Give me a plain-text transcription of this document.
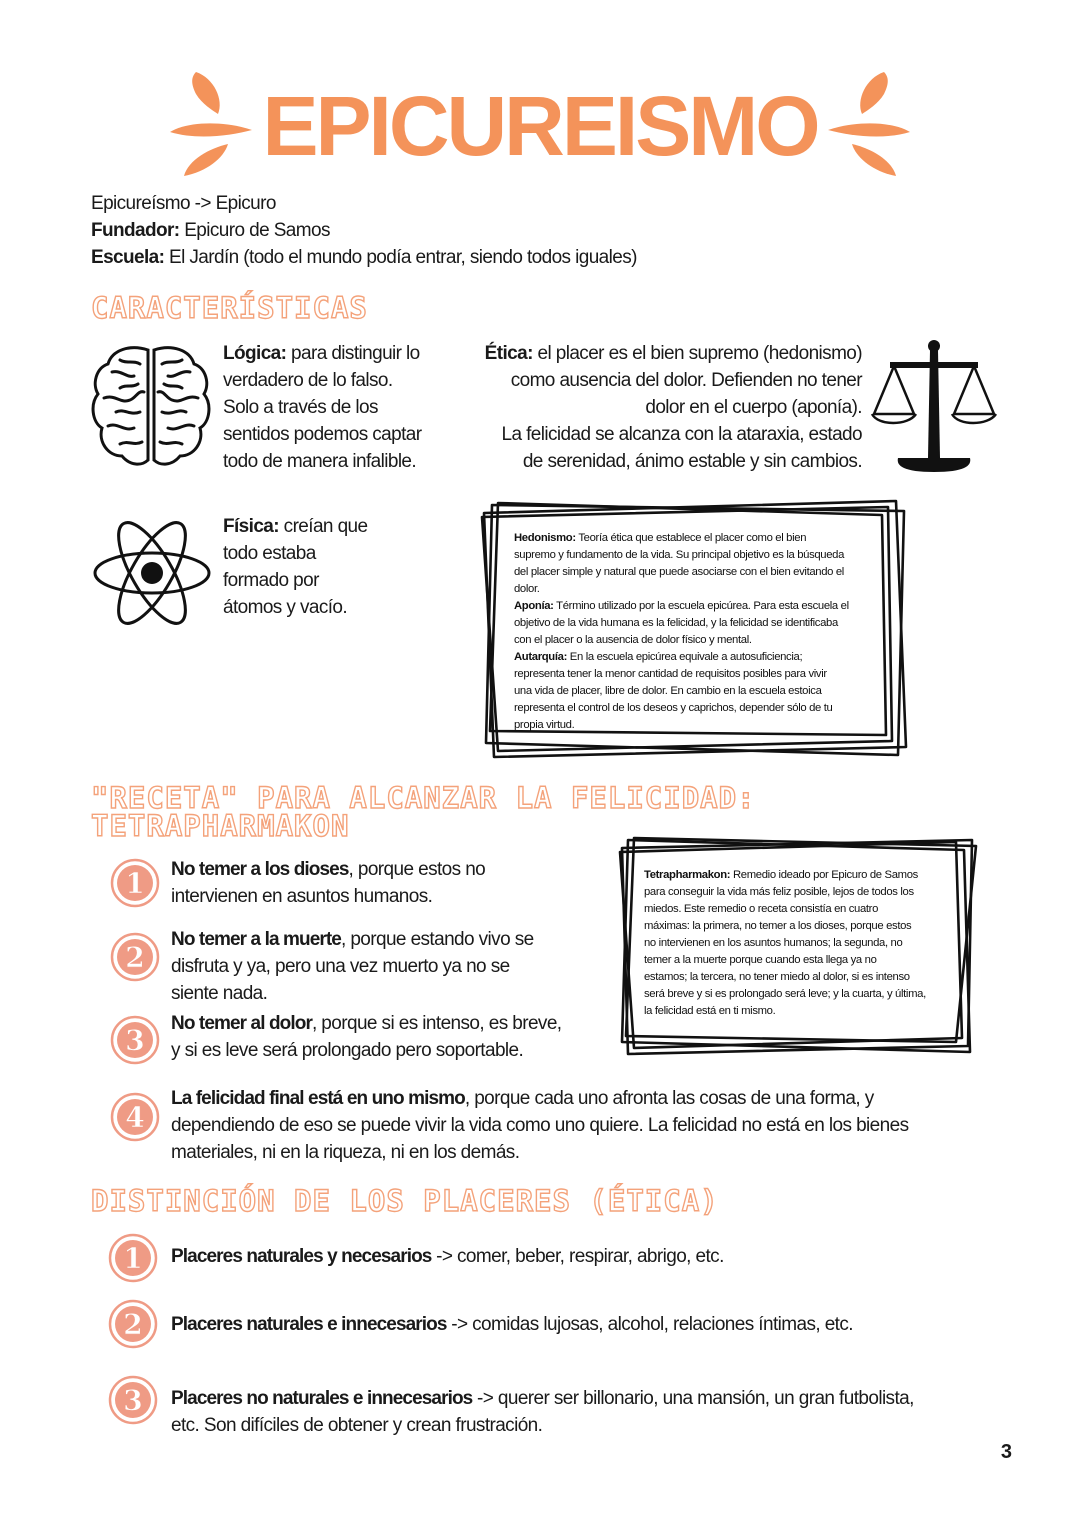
EPICUREISMO
Epicureísmo -> Epicuro
Fundador: Epicuro de Samos
Escuela: El Jardín (todo el mundo podía entrar, siendo todos iguales)
CARACTERÍSTICAS
Lógica: para distinguir lo
verdadero de lo falso.
Solo a través de los
sentidos podemos captar
todo de manera infalible.
Ética: el placer es el bien supremo (hedonismo)
como ausencia del dolor. Defienden no tener
dolor en el cuerpo (aponía).
La felicidad se alcanza con la ataraxia, estado
de serenidad, ánimo estable y sin cambios.
Física: creían que
todo estaba
formado por
átomos y vacío.
Hedonismo: Teoría ética que establece el placer como el bien
supremo y fundamento de la vida. Su principal objetivo es la búsqueda
del placer simple y natural que puede asociarse con el bien evitando el
dolor.
Aponía: Término utilizado por la escuela epicúrea. Para esta escuela el
objetivo de la vida humana es la felicidad, y la felicidad se identificaba
con el placer o la ausencia de dolor físico y mental.
Autarquía: En la escuela epicúrea equivale a autosuficiencia;
representa tener la menor cantidad de requisitos posibles para vivir
una vida de placer, libre de dolor. En cambio en la escuela estoica
representa el control de los deseos y caprichos, depender sólo de tu
propia virtud.
"RECETA" PARA ALCANZAR LA FELICIDAD:
TETRAPHARMAKON
1 No temer a los dioses, porque estos no
intervienen en asuntos humanos.
2
No temer a la muerte, porque estando vivo se
disfruta y ya, pero una vez muerto ya no se
siente nada.
3
No temer al dolor, porque si es intenso, es breve,
y si es leve será prolongado pero soportable.
4
La felicidad final está en uno mismo, porque cada uno afronta las cosas de una forma, y
dependiendo de eso se puede vivir la vida como uno quiere. La felicidad no está en los bienes
materiales, ni en la riqueza, ni en los demás.
Tetrapharmakon: Remedio ideado por Epicuro de Samos
para conseguir la vida más feliz posible, lejos de todos los
miedos. Este remedio o receta consistía en cuatro
máximas: la primera, no temer a los dioses, porque estos
no intervienen en los asuntos humanos; la segunda, no
temer a la muerte porque cuando esta llega ya no
estamos; la tercera, no tener miedo al dolor, si es intenso
será breve y si es prolongado será leve; y la cuarta, y última,
la felicidad está en ti mismo.
DISTINCIÓN DE LOS PLACERES (ÉTICA)
1 Placeres naturales y necesarios -> comer, beber, respirar, abrigo, etc.
2 Placeres naturales e innecesarios -> comidas lujosas, alcohol, relaciones íntimas, etc.
3 Placeres no naturales e innecesarios -> querer ser billonario, una mansión, un gran futbolista,
etc. Son difíciles de obtener y crean frustración.
3
